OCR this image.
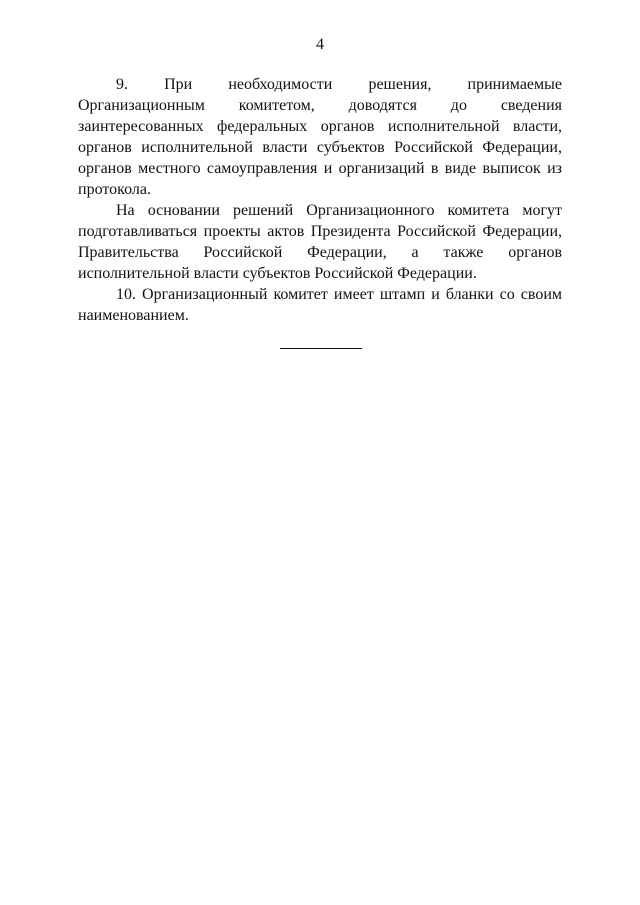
4

9. При необходимости решения, принимаемые Организационным комитетом, доводятся до сведения заинтересованных федеральных органов исполнительной власти, органов исполнительной власти субъектов Российской Федерации, органов местного самоуправления и организаций в виде выписок из протокола.

На основании решений Организационного комитета могут подготавливаться проекты актов Президента Российской Федерации, Правительства Российской Федерации, а также органов исполнительной власти субъектов Российской Федерации.

10. Организационный комитет имеет штамп и бланки со своим наименованием.
